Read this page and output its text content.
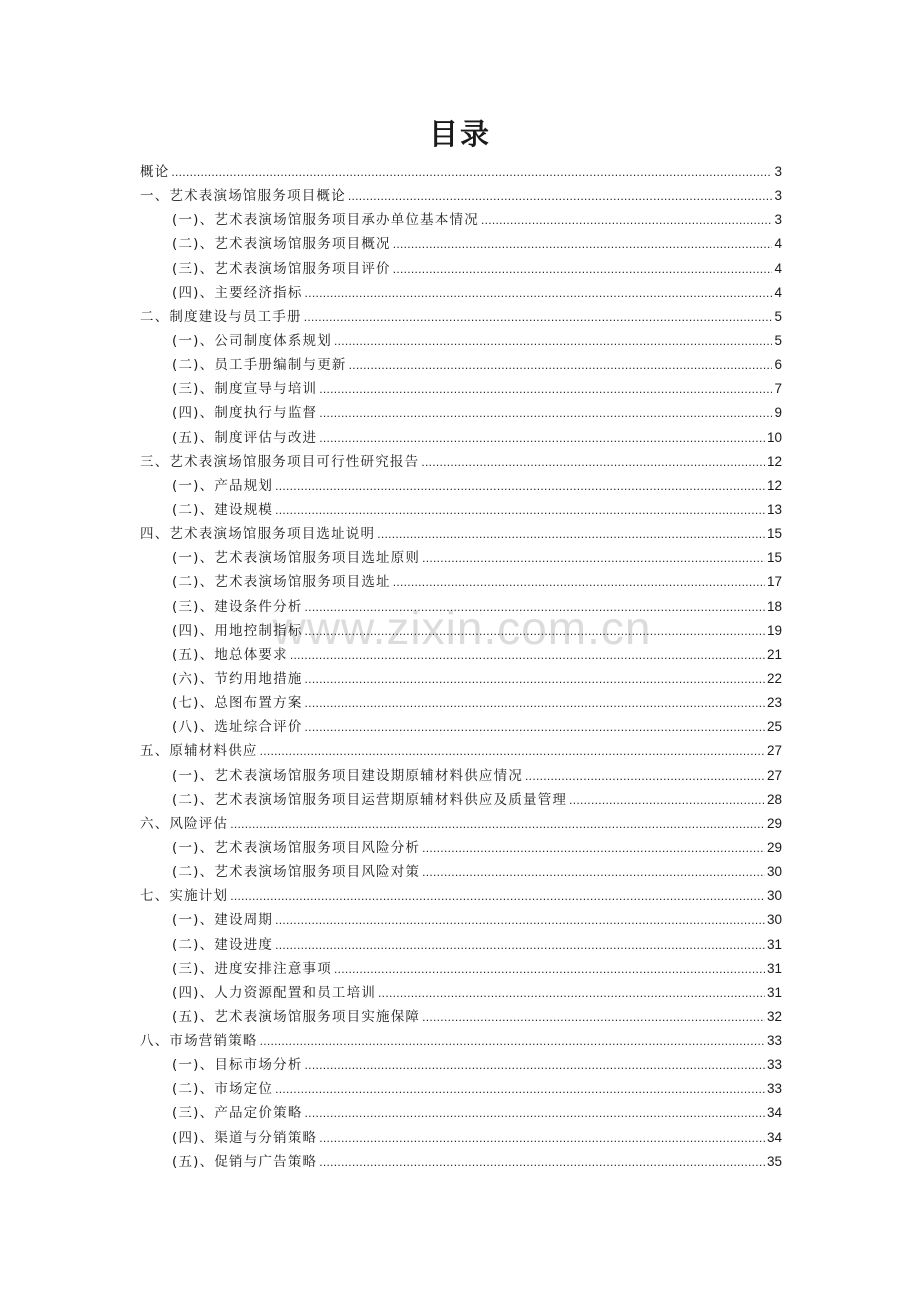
目录
www.zixin.com.cn
概论 .....	3
一、艺术表演场馆服务项目概论 .....	3
(一)、艺术表演场馆服务项目承办单位基本情况 .....	3
(二)、艺术表演场馆服务项目概况 .....	4
(三)、艺术表演场馆服务项目评价 .....	4
(四)、主要经济指标 .....	4
二、制度建设与员工手册 .....	5
(一)、公司制度体系规划 .....	5
(二)、员工手册编制与更新 .....	6
(三)、制度宣导与培训 .....	7
(四)、制度执行与监督 .....	9
(五)、制度评估与改进 .....	10
三、艺术表演场馆服务项目可行性研究报告 .....	12
(一)、产品规划 .....	12
(二)、建设规模 .....	13
四、艺术表演场馆服务项目选址说明 .....	15
(一)、艺术表演场馆服务项目选址原则 .....	15
(二)、艺术表演场馆服务项目选址 .....	17
(三)、建设条件分析 .....	18
(四)、用地控制指标 .....	19
(五)、地总体要求 .....	21
(六)、节约用地措施 .....	22
(七)、总图布置方案 .....	23
(八)、选址综合评价 .....	25
五、原辅材料供应 .....	27
(一)、艺术表演场馆服务项目建设期原辅材料供应情况 .....	27
(二)、艺术表演场馆服务项目运营期原辅材料供应及质量管理 .....	28
六、风险评估 .....	29
(一)、艺术表演场馆服务项目风险分析 .....	29
(二)、艺术表演场馆服务项目风险对策 .....	30
七、实施计划 .....	30
(一)、建设周期 .....	30
(二)、建设进度 .....	31
(三)、进度安排注意事项 .....	31
(四)、人力资源配置和员工培训 .....	31
(五)、艺术表演场馆服务项目实施保障 .....	32
八、市场营销策略 .....	33
(一)、目标市场分析 .....	33
(二)、市场定位 .....	33
(三)、产品定价策略 .....	34
(四)、渠道与分销策略 .....	34
(五)、促销与广告策略 .....	35
